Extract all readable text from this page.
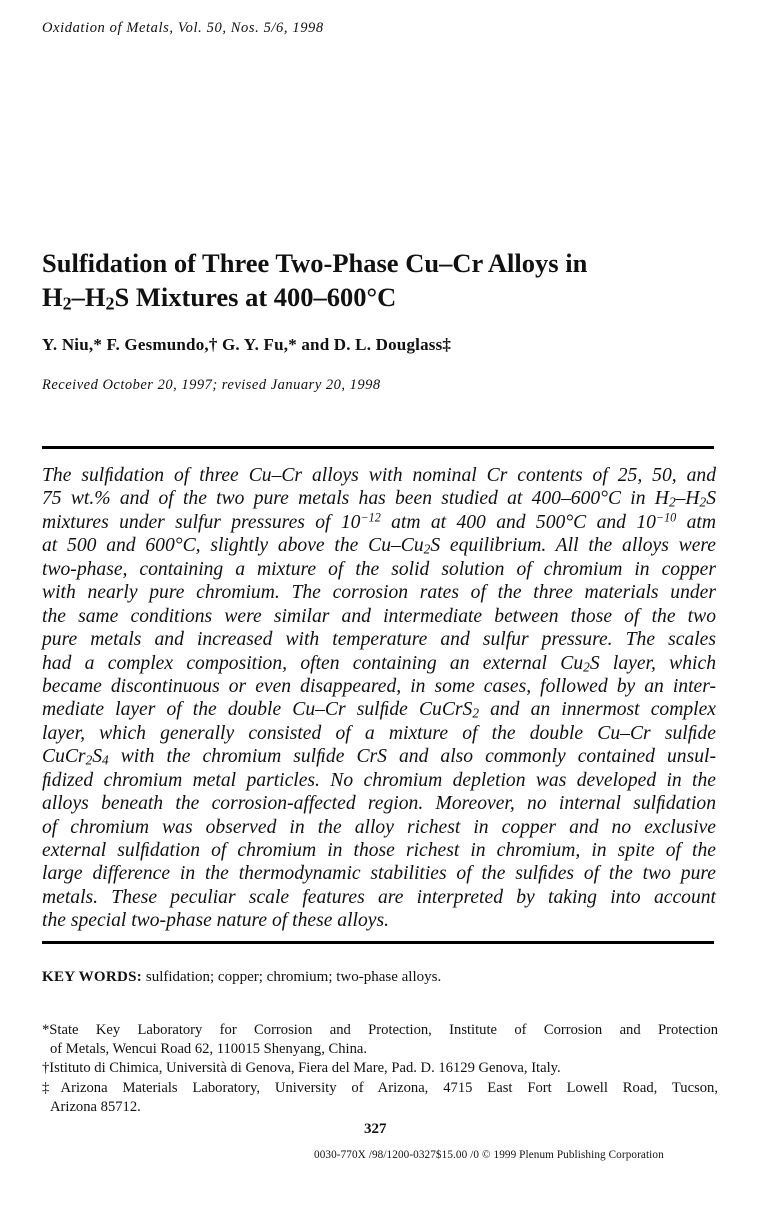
Oxidation of Metals, Vol. 50, Nos. 5/6, 1998
Sulfidation of Three Two-Phase Cu–Cr Alloys in
$H_2-H_2S$ Mixtures at 400–600°C
Y. Niu,* F. Gesmundo,† G. Y. Fu,* and D. L. Douglass‡
Received October 20, 1997; revised January 20, 1998
The sulﬁdation of three Cu–Cr alloys with nominal Cr contents of 25, 50, and
75 wt.% and of the two pure metals has been studied at 400–600°C in $H_2-H_2S$
mixtures under sulfur pressures of $10^{-12}$ atm at 400 and 500°C and $10^{-10}$ atm
at 500 and 600°C, slightly above the $Cu-Cu_2S$ equilibrium. All the alloys were
two-phase, containing a mixture of the solid solution of chromium in copper
with nearly pure chromium. The corrosion rates of the three materials under
the same conditions were similar and intermediate between those of the two
pure metals and increased with temperature and sulfur pressure. The scales
had a complex composition, often containing an external $Cu_2S$ layer, which
became discontinuous or even disappeared, in some cases, followed by an inter-
mediate layer of the double Cu–Cr sulﬁde CuCrS$_2$ and an innermost complex
layer, which generally consisted of a mixture of the double Cu–Cr sulﬁde
$CuCr_2S_4$ with the chromium sulﬁde CrS and also commonly contained unsul-
ﬁdized chromium metal particles. No chromium depletion was developed in the
alloys beneath the corrosion-affected region. Moreover, no internal sulﬁdation
of chromium was observed in the alloy richest in copper and no exclusive
external sulﬁdation of chromium in those richest in chromium, in spite of the
large difference in the thermodynamic stabilities of the sulﬁdes of the two pure
metals. These peculiar scale features are interpreted by taking into account
the special two-phase nature of these alloys.
KEY WORDS: sulfidation; copper; chromium; two-phase alloys.
*State Key Laboratory for Corrosion and Protection, Institute of Corrosion and Protection
of Metals, Wencui Road 62, 110015 Shenyang, China.
†Istituto di Chimica, Università di Genova, Fiera del Mare, Pad. D. 16129 Genova, Italy.
‡Arizona Materials Laboratory, University of Arizona, 4715 East Fort Lowell Road, Tucson,
Arizona 85712.
327
0030-770X /98/1200-0327$15.00 /0 © 1999 Plenum Publishing Corporation
